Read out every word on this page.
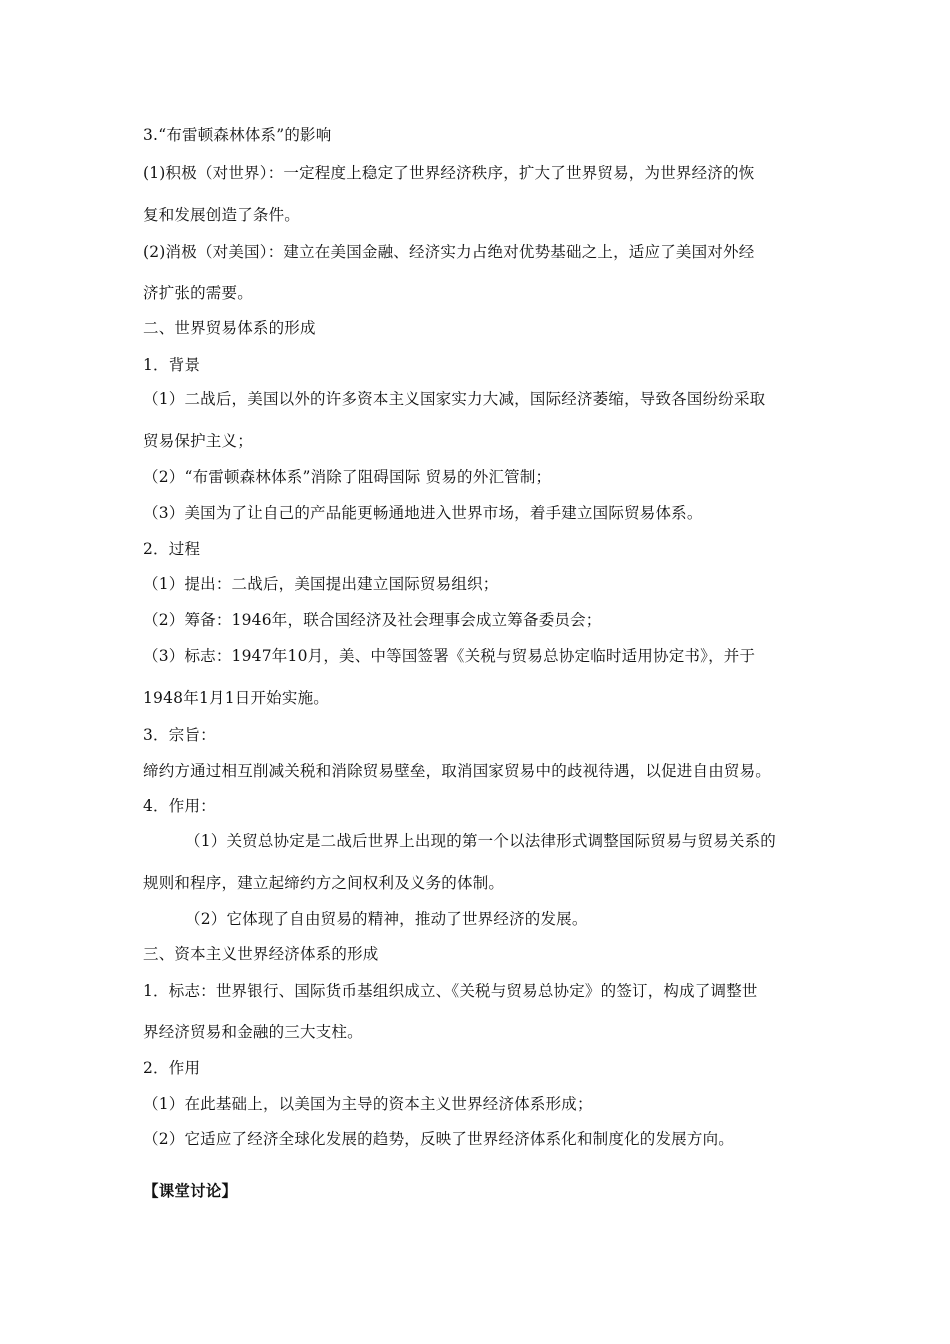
3.“布雷顿森林体系”的影响
(1)积极（对世界）：一定程度上稳定了世界经济秩序，扩大了世界贸易，为世界经济的恢
复和发展创造了条件。
(2)消极（对美国）：建立在美国金融、经济实力占绝对优势基础之上，适应了美国对外经
济扩张的需要。
二、世界贸易体系的形成
1．背景
（1）二战后，美国以外的许多资本主义国家实力大减，国际经济萎缩，导致各国纷纷采取
贸易保护主义；
（2）“布雷顿森林体系”消除了阻碍国际 贸易的外汇管制；
（3）美国为了让自己的产品能更畅通地进入世界市场，着手建立国际贸易体系。
2．过程
（1）提出：二战后，美国提出建立国际贸易组织；
（2）筹备：1946年，联合国经济及社会理事会成立筹备委员会；
（3）标志：1947年10月，美、中等国签署《关税与贸易总协定临时适用协定书》，并于
1948年1月1日开始实施。
3．宗旨：
缔约方通过相互削减关税和消除贸易壁垒，取消国家贸易中的歧视待遇，以促进自由贸易。
4．作用：
（1）关贸总协定是二战后世界上出现的第一个以法律形式调整国际贸易与贸易关系的
规则和程序，建立起缔约方之间权利及义务的体制。
（2）它体现了自由贸易的精神，推动了世界经济的发展。
三、资本主义世界经济体系的形成
1．标志：世界银行、国际货币基组织成立、《关税与贸易总协定》的签订，构成了调整世
界经济贸易和金融的三大支柱。
2．作用
（1）在此基础上，以美国为主导的资本主义世界经济体系形成；
（2）它适应了经济全球化发展的趋势，反映了世界经济体系化和制度化的发展方向。
【课堂讨论】
